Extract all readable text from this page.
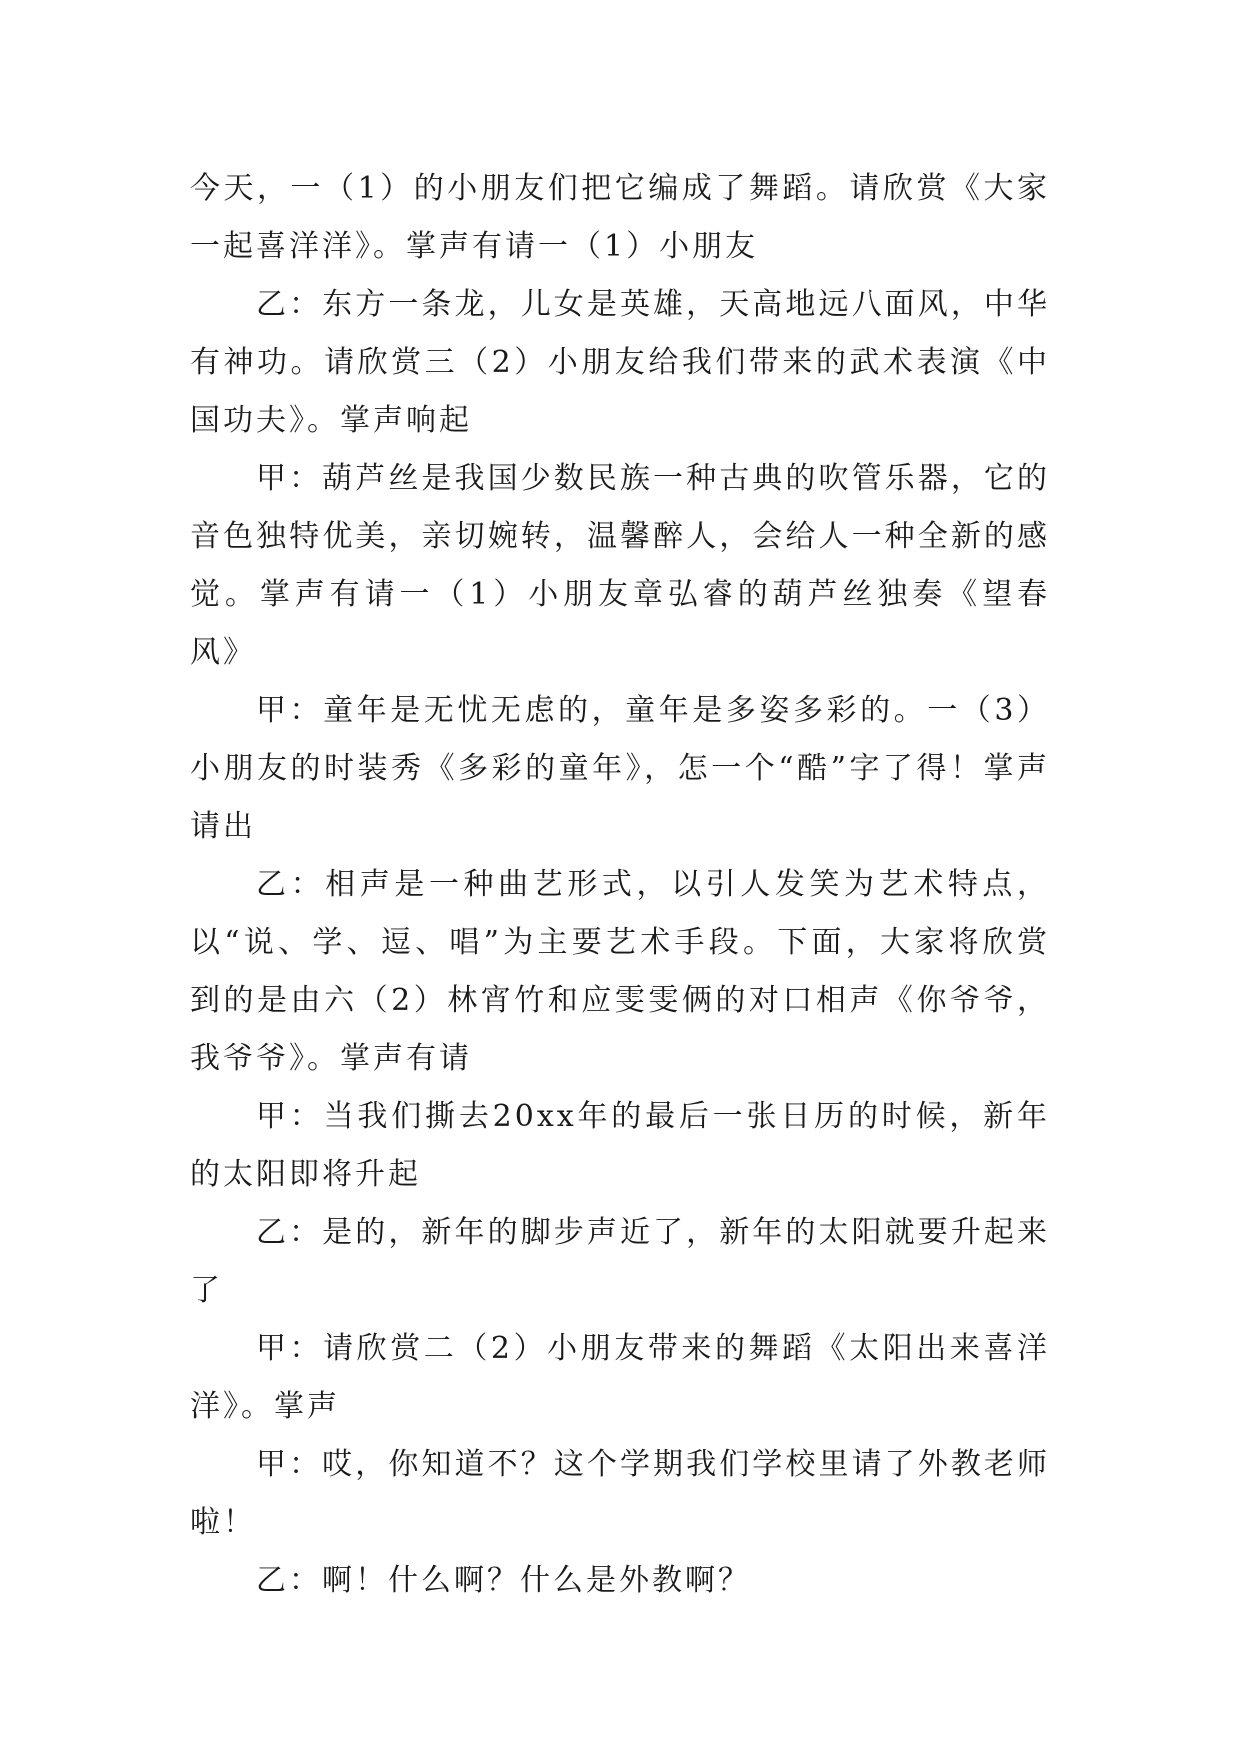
今天，一（1）的小朋友们把它编成了舞蹈。请欣赏《大家一起喜洋洋》。掌声有请一（1）小朋友

乙：东方一条龙，儿女是英雄，天高地远八面风，中华有神功。请欣赏三（2）小朋友给我们带来的武术表演《中国功夫》。掌声响起

甲：葫芦丝是我国少数民族一种古典的吹管乐器，它的音色独特优美，亲切婉转，温馨醉人，会给人一种全新的感觉。掌声有请一（1）小朋友章弘睿的葫芦丝独奏《望春风》

甲：童年是无忧无虑的，童年是多姿多彩的。一（3）小朋友的时装秀《多彩的童年》，怎一个“酷”字了得！掌声请出

乙：相声是一种曲艺形式，以引人发笑为艺术特点，以“说、学、逗、唱”为主要艺术手段。下面，大家将欣赏到的是由六（2）林宵竹和应雯雯俩的对口相声《你爷爷，我爷爷》。掌声有请

甲：当我们撕去20xx年的最后一张日历的时候，新年的太阳即将升起

乙：是的，新年的脚步声近了，新年的太阳就要升起来了

甲：请欣赏二（2）小朋友带来的舞蹈《太阳出来喜洋洋》。掌声

甲：哎，你知道不？这个学期我们学校里请了外教老师啦！

乙：啊！什么啊？什么是外教啊？
